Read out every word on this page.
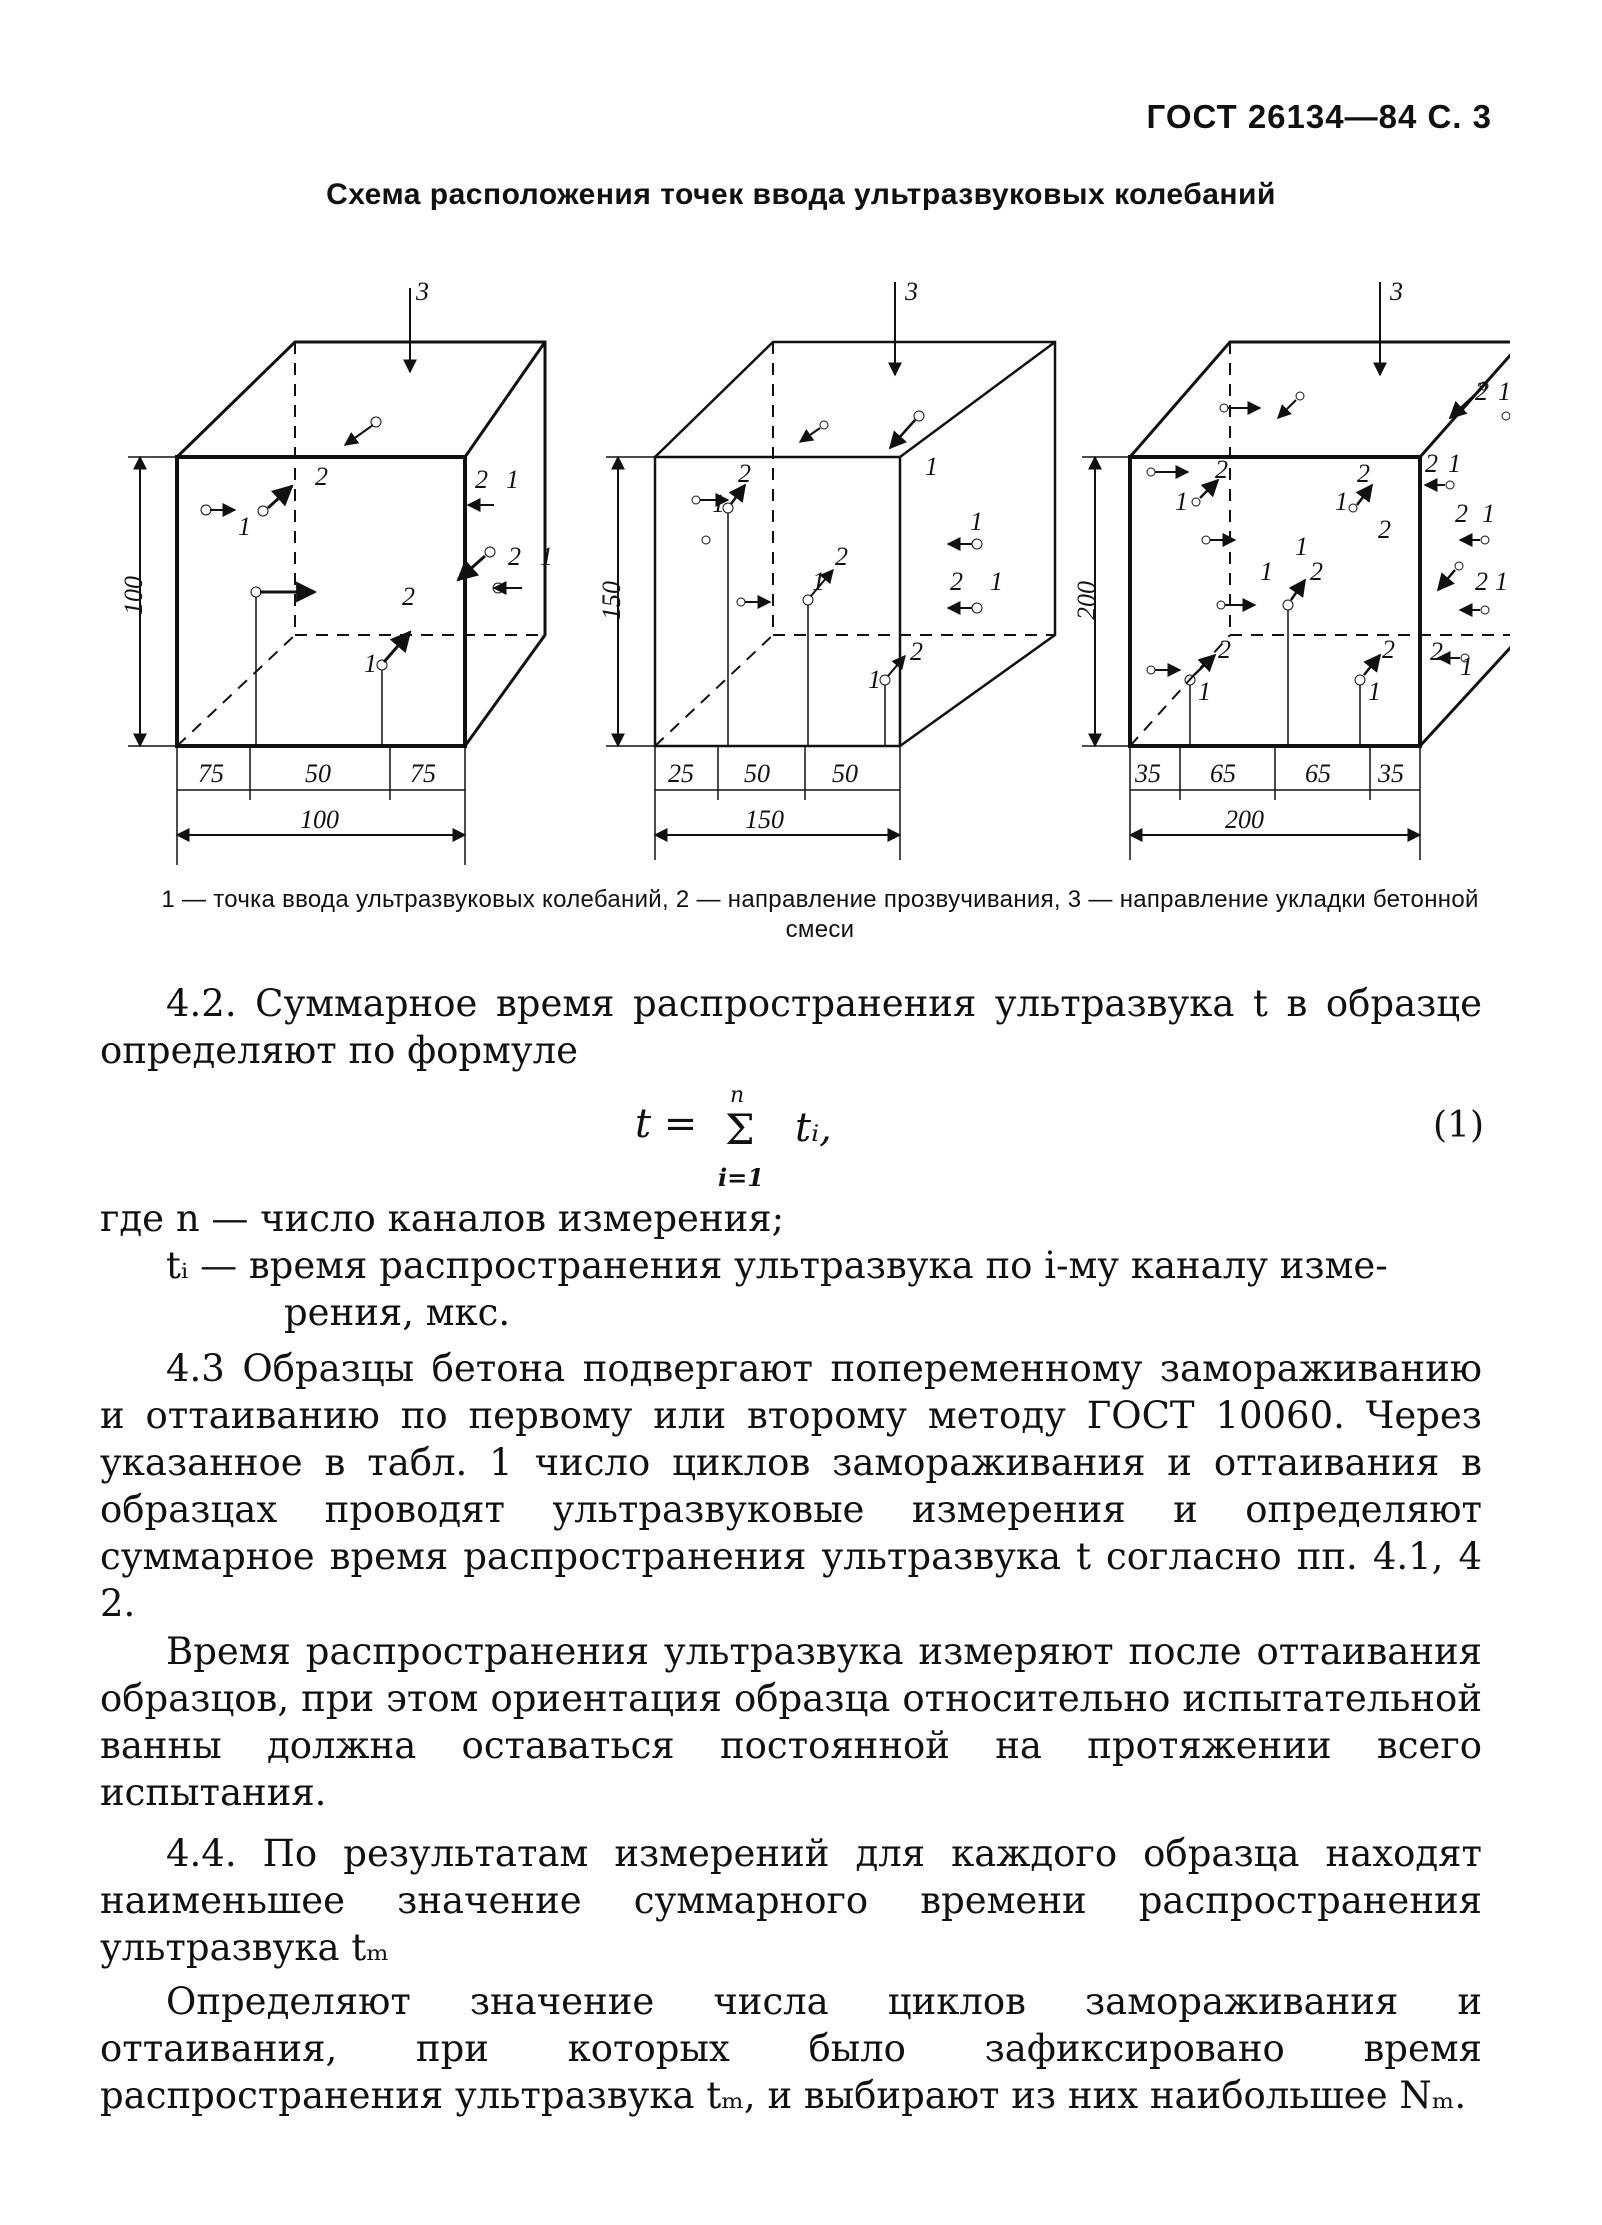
ГОСТ 26134—84 С. 3
Схема расположения точек ввода ультразвуковых колебаний
100
75	50	75
100
3
2
1
2 1
2 1
2
1
150
25 50 50
150
3
2
1
2
1
1
1
2 1
1
2
200
35 65	65 35
200
3
2
1
2
1
2
1
1 2
2
1
2
1
2 1
2 1
2 1
2
1
2 1
1 — точка ввода ультразвуковых колебаний, 2 — направление прозвучивания, 3 — направление укладки бетонной смеси

4.2. Суммарное время распространения ультразвука t в образце определяют по формуле

t =
n
Σ
i=1
tᵢ,	(1)
где n — число каналов измерения;
tᵢ — время распространения ультразвука по i-му каналу изме-
рения, мкс.

4.3 Образцы бетона подвергают попеременному замораживанию и оттаиванию по первому или второму методу ГОСТ 10060. Через указанное в табл. 1 число циклов замораживания и оттаивания в образцах проводят ультразвуковые измерения и определяют суммарное время распространения ультразвука t согласно пп. 4.1, 4 2.

Время распространения ультразвука измеряют после оттаивания образцов, при этом ориентация образца относительно испытательной ванны должна оставаться постоянной на протяжении всего испытания.

4.4. По результатам измерений для каждого образца находят наименьшее значение суммарного времени распространения ультразвука tₘ

Определяют значение числа циклов замораживания и оттаивания, при которых было зафиксировано время распространения ультразвука tₘ, и выбирают из них наибольшее Nₘ.
